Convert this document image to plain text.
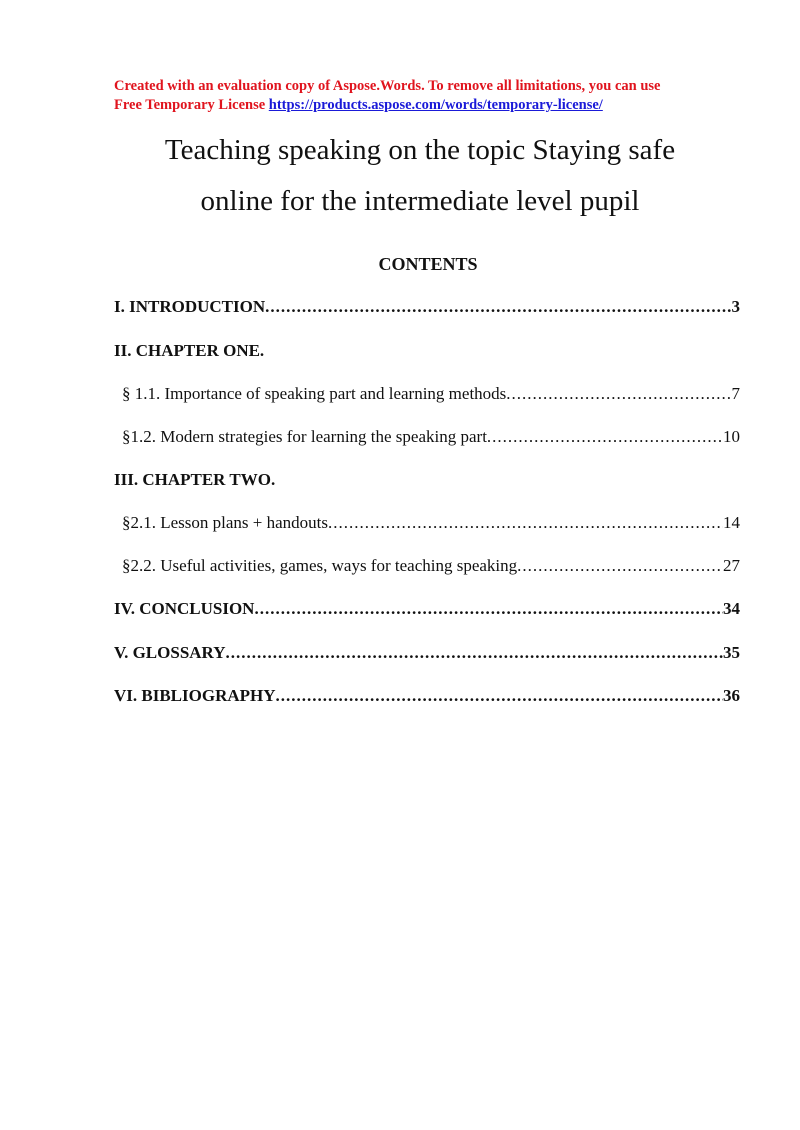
Created with an evaluation copy of Aspose.Words. To remove all limitations, you can use
Free Temporary License https://products.aspose.com/words/temporary-license/
Teaching speaking on the topic Staying safe
online for the intermediate level pupil
CONTENTS
I. INTRODUCTION .....	3
II. CHAPTER ONE.
§ 1.1. Importance of speaking part and learning methods .....	7
§1.2. Modern strategies for learning the speaking part .....	10
III. CHAPTER TWO.
§2.1. Lesson plans + handouts .....	14
§2.2. Useful activities, games, ways for teaching speaking .....	27
IV. CONCLUSION .....	34
V. GLOSSARY .....	35
VI. BIBLIOGRAPHY .....	36
